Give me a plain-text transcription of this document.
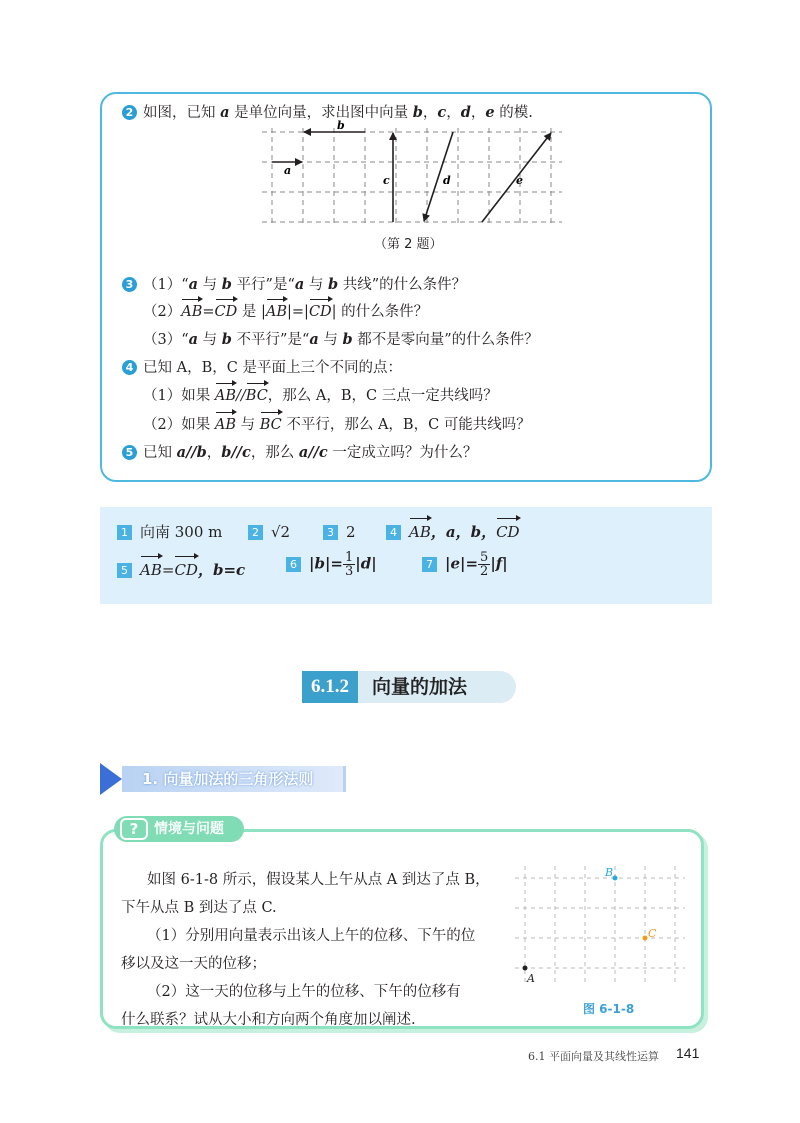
2 如图，已知 a 是单位向量，求出图中向量 b，c，d，e 的模.
a
b
c	d	e
（第 2 题）
3 （1）“a 与 b 平行”是“a 与 b 共线”的什么条件？
（2）AB=CD 是 |AB|=|CD| 的什么条件？
（3）“a 与 b 不平行”是“a 与 b 都不是零向量”的什么条件？
4 已知 A，B，C 是平面上三个不同的点：
（1）如果 AB//BC，那么 A，B，C 三点一定共线吗？
（2）如果 AB 与 BC 不平行，那么 A，B，C 可能共线吗？
5 已知 a//b，b//c，那么 a//c 一定成立吗？为什么？
1 向南 300 m	2 √2	3 2	4 AB，a，b，CD
5 AB=CD，b=c	6 $|b|= \frac{1}{3} |d|$	7 $|e|= \frac{5}{2} |f|$
6.1.2	向量的加法
1. 向量加法的三角形法则
如图 6-1-8 所示，假设某人上午从点 A 到达了点 B，
下午从点 B 到达了点 C.
（1）分别用向量表示出该人上午的位移、下午的位
移以及这一天的位移；
（2）这一天的位移与上午的位移、下午的位移有
什么联系？试从大小和方向两个角度加以阐述.
B
C
A
图 6-1-8
?	情境与问题
6.1 平面向量及其线性运算 141
